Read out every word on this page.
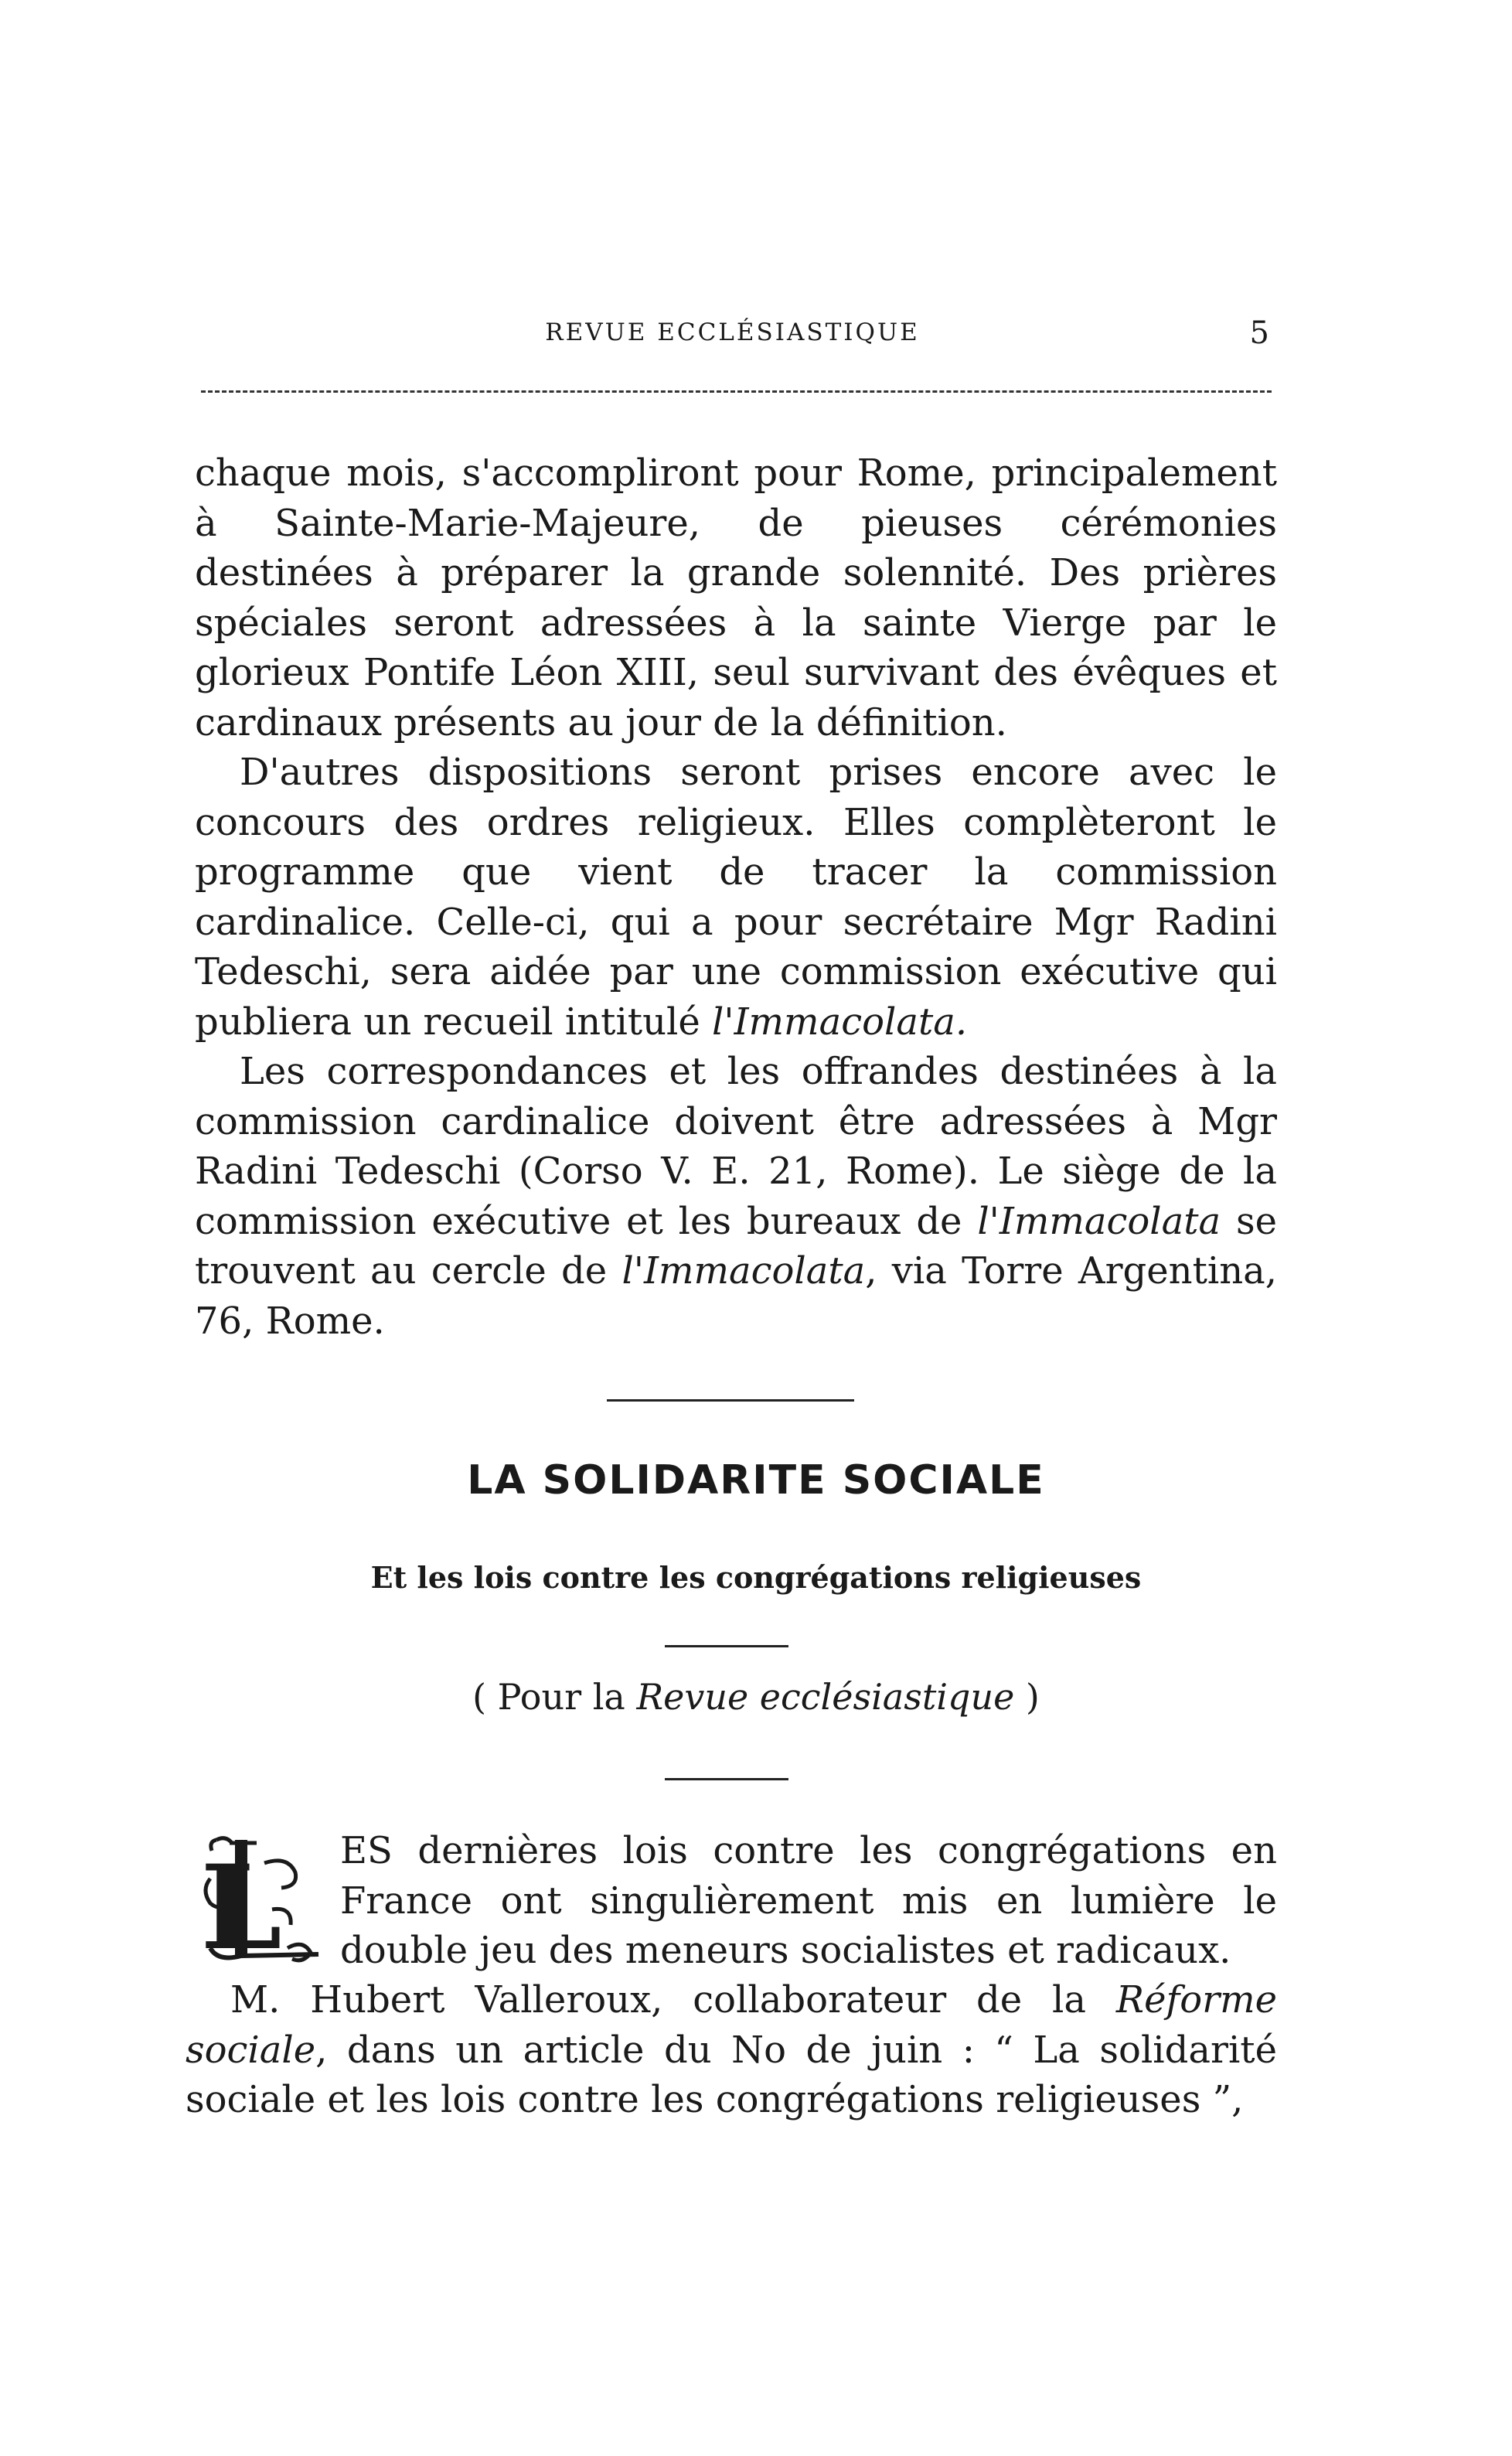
REVUE ECCLÉSIASTIQUE	5

chaque mois, s'accompliront pour Rome, principalement à Sainte-Marie-Majeure, de pieuses cérémonies destinées à préparer la grande solennité. Des prières spéciales seront adressées à la sainte Vierge par le glorieux Pontife Léon XIII, seul survivant des évêques et cardinaux présents au jour de la définition.

D'autres dispositions seront prises encore avec le concours des ordres religieux. Elles complèteront le programme que vient de tracer la commission cardinalice. Celle-ci, qui a pour secrétaire Mgr Radini Tedeschi, sera aidée par une commission exécutive qui publiera un recueil intitulé l'Immacolata.

Les correspondances et les offrandes destinées à la commission cardinalice doivent être adressées à Mgr Radini Tedeschi (Corso V. E. 21, Rome). Le siège de la commission exécutive et les bureaux de l'Immacolata se trouvent au cercle de l'Immacolata, via Torre Argentina, 76, Rome.

LA SOLIDARITE SOCIALE
Et les lois contre les congrégations religieuses
( Pour la Revue ecclésiastique )
L ES dernières lois contre les congrégations en France ont singulièrement mis en lumière le double jeu des meneurs socialistes et radicaux.

M. Hubert Valleroux, collaborateur de la Réforme sociale, dans un article du No de juin : “ La solidarité sociale et les lois contre les congrégations religieuses ”,
